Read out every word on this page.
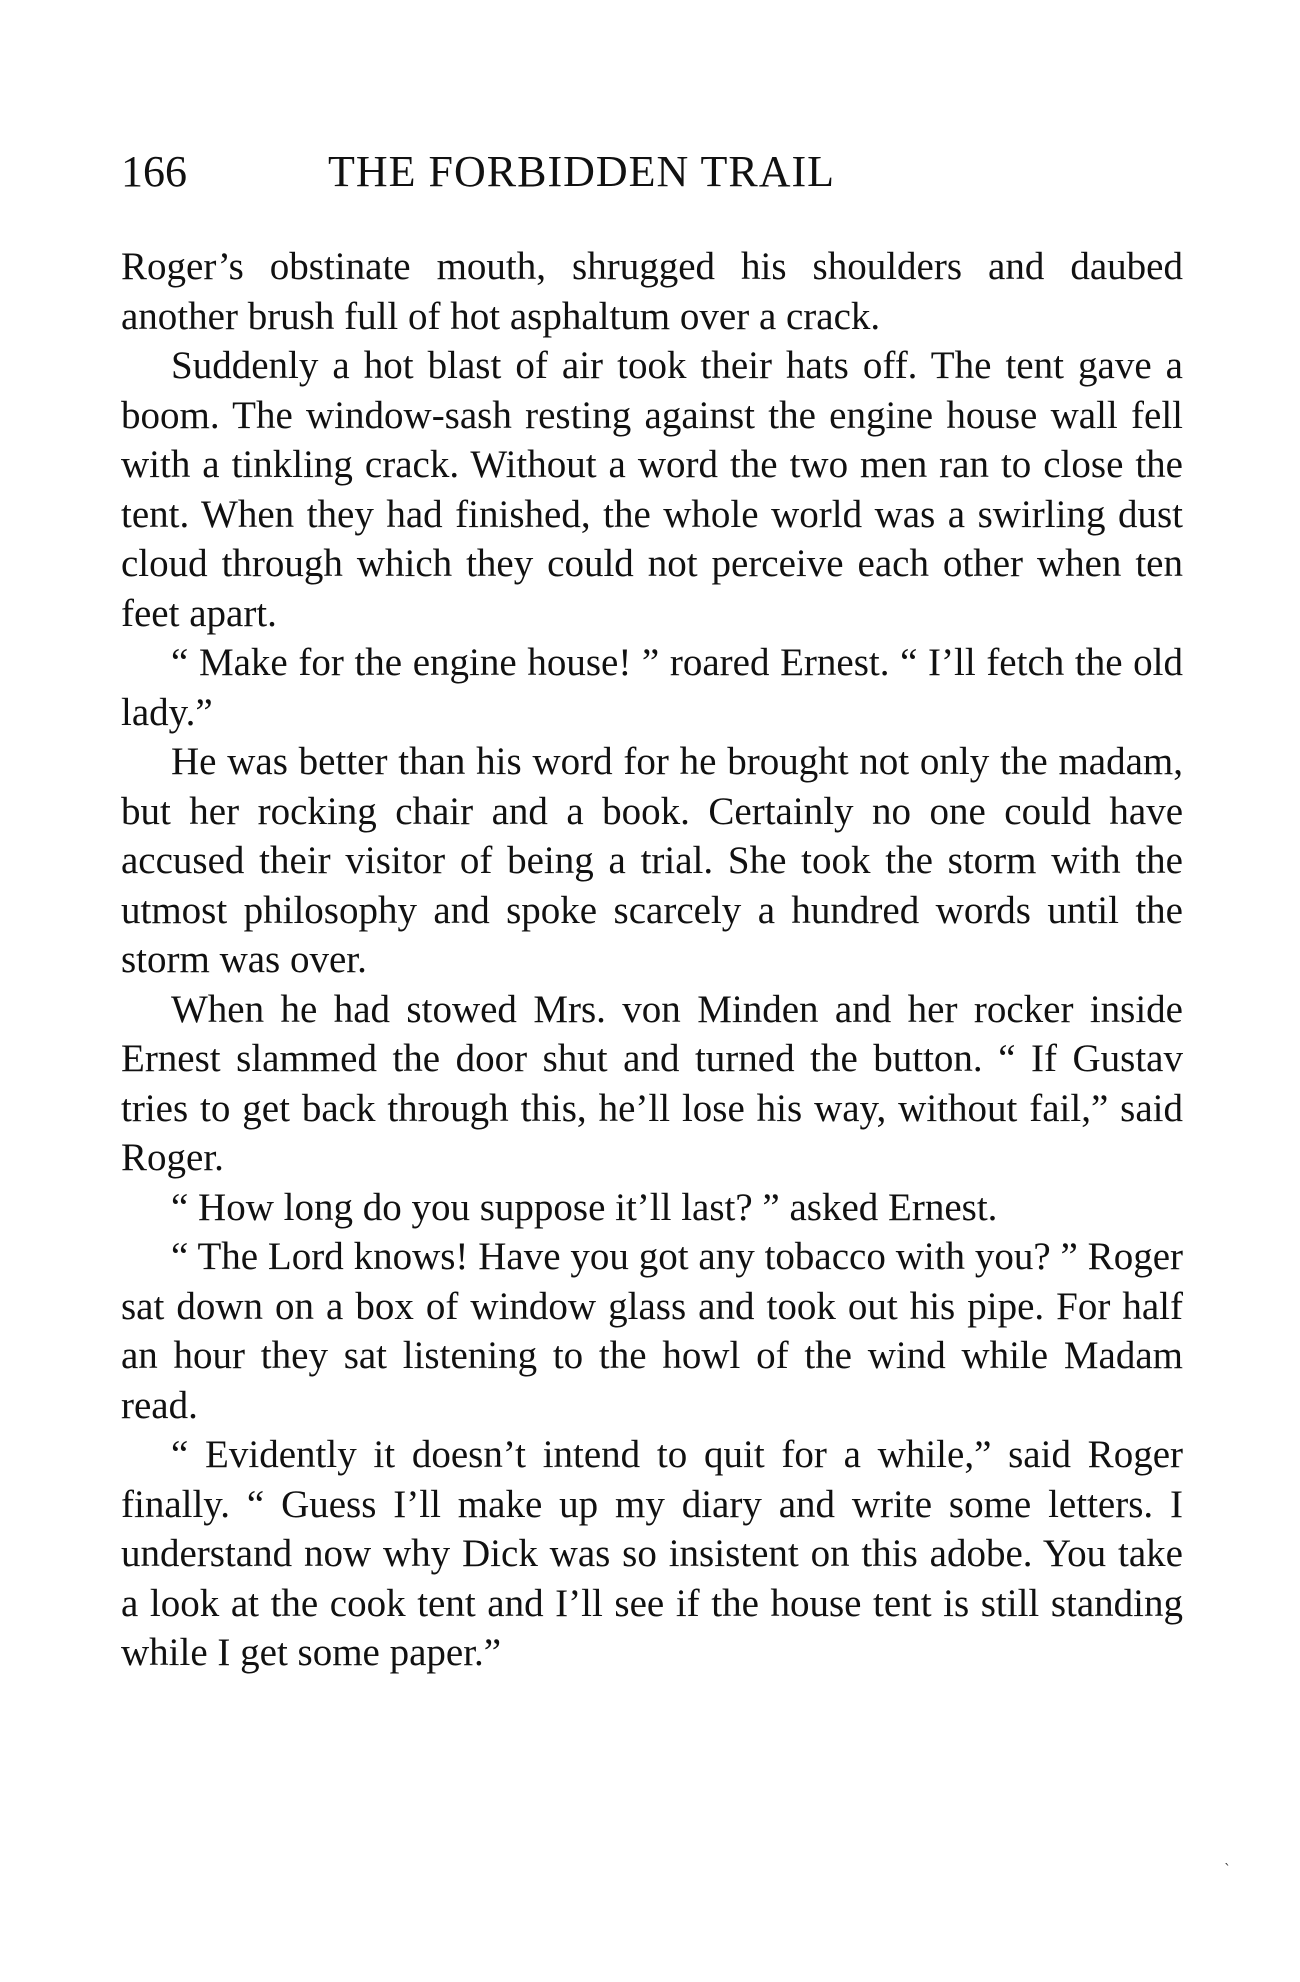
166	THE FORBIDDEN TRAIL

Roger’s obstinate mouth, shrugged his shoulders and daubed another brush full of hot asphaltum over a crack.

Suddenly a hot blast of air took their hats off. The tent gave a boom. The window-sash resting against the engine house wall fell with a tinkling crack. Without a word the two men ran to close the tent. When they had finished, the whole world was a swirling dust cloud through which they could not perceive each other when ten feet apart.

“ Make for the engine house! ” roared Ernest. “ I’ll fetch the old lady.”

He was better than his word for he brought not only the madam, but her rocking chair and a book. Certainly no one could have accused their visitor of being a trial. She took the storm with the utmost philosophy and spoke scarcely a hundred words until the storm was over.

When he had stowed Mrs. von Minden and her rocker inside Ernest slammed the door shut and turned the button. “ If Gustav tries to get back through this, he’ll lose his way, without fail,” said Roger.

“ How long do you suppose it’ll last? ” asked Ernest.

“ The Lord knows! Have you got any tobacco with you? ” Roger sat down on a box of window glass and took out his pipe. For half an hour they sat listening to the howl of the wind while Madam read.

“ Evidently it doesn’t intend to quit for a while,” said Roger finally. “ Guess I’ll make up my diary and write some letters. I understand now why Dick was so insistent on this adobe. You take a look at the cook tent and I’ll see if the house tent is still standing while I get some paper.”

ˎ
